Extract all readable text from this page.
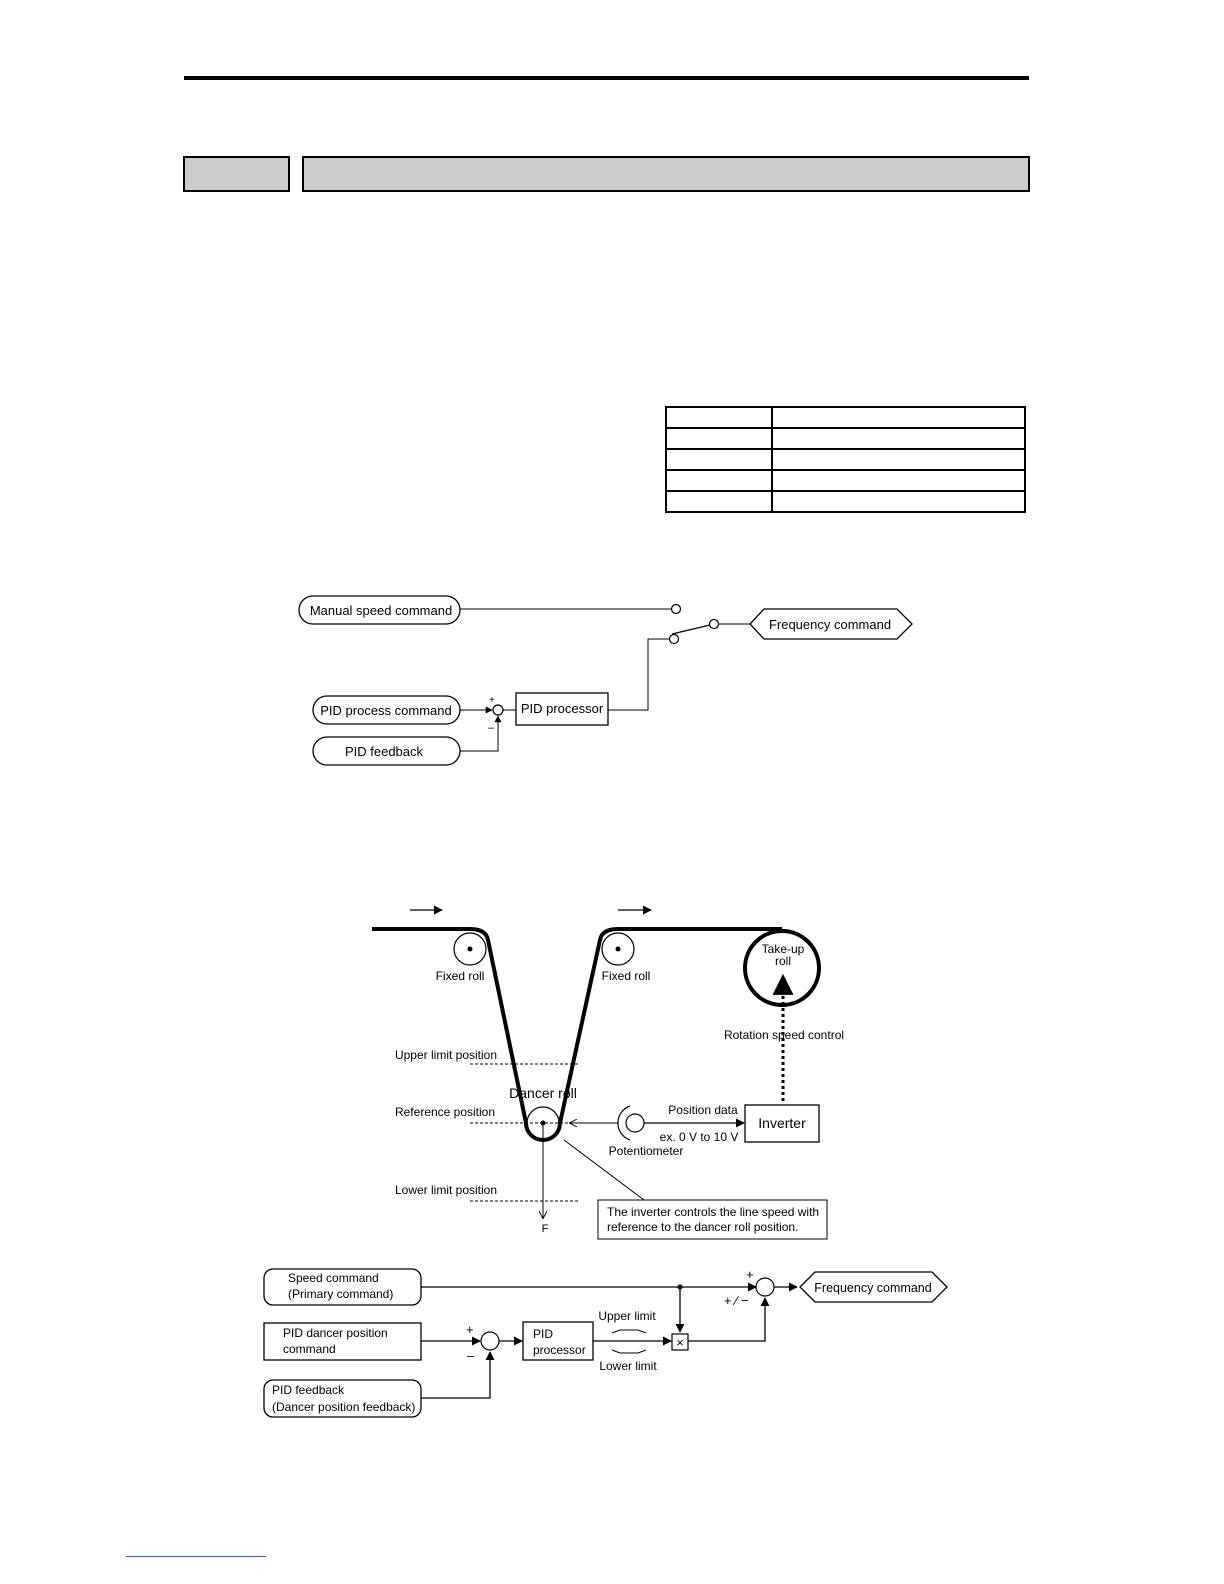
Manual speed command
Frequency command
PID process command
+
–
PID feedback
PID processor
Fixed roll	Fixed roll
Take-up
roll
Rotation speed control
Upper limit position
Dancer roll
Reference position
Lower limit position
F
Potentiometer
Position data
ex. 0 V to 10 V
Inverter
The inverter controls the line speed with
reference to the dancer roll position.
Speed command
(Primary command)
+
+ ∕ −
Frequency command
PID dancer position
command
+
–
PID
processor
Upper limit
Lower limit
×
PID feedback
(Dancer position feedback)
